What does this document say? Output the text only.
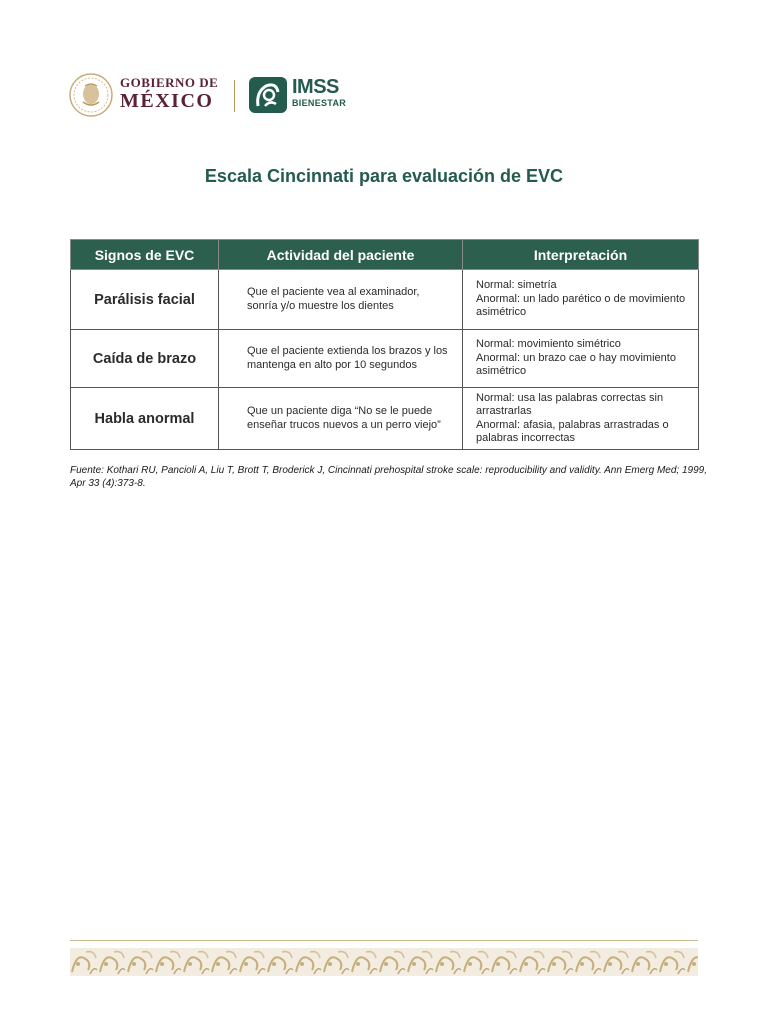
GOBIERNO DE
MÉXICO
IMSS
BIENESTAR
Escala Cincinnati para evaluación de EVC
Signos de EVC	Actividad del paciente	Interpretación
Parálisis facial	Que el paciente vea al examinador, sonría y/o muestre los dientes	Normal: simetría
Anormal: un lado parético o de movimiento asimétrico

Caída de brazo	Que el paciente extienda los brazos y los mantenga en alto por 10 segundos	Normal: movimiento simétrico
Anormal: un brazo cae o hay movimiento asimétrico

Habla anormal	Que un paciente diga “No se le puede enseñar trucos nuevos a un perro viejo”	Normal: usa las palabras correctas sin arrastrarlas
Anormal: afasia, palabras arrastradas o palabras incorrectas
Fuente: Kothari RU, Pancioli A, Liu T, Brott T, Broderick J, Cincinnati prehospital stroke scale: reproducibility and validity. Ann Emerg Med; 1999, Apr 33 (4):373-8.
